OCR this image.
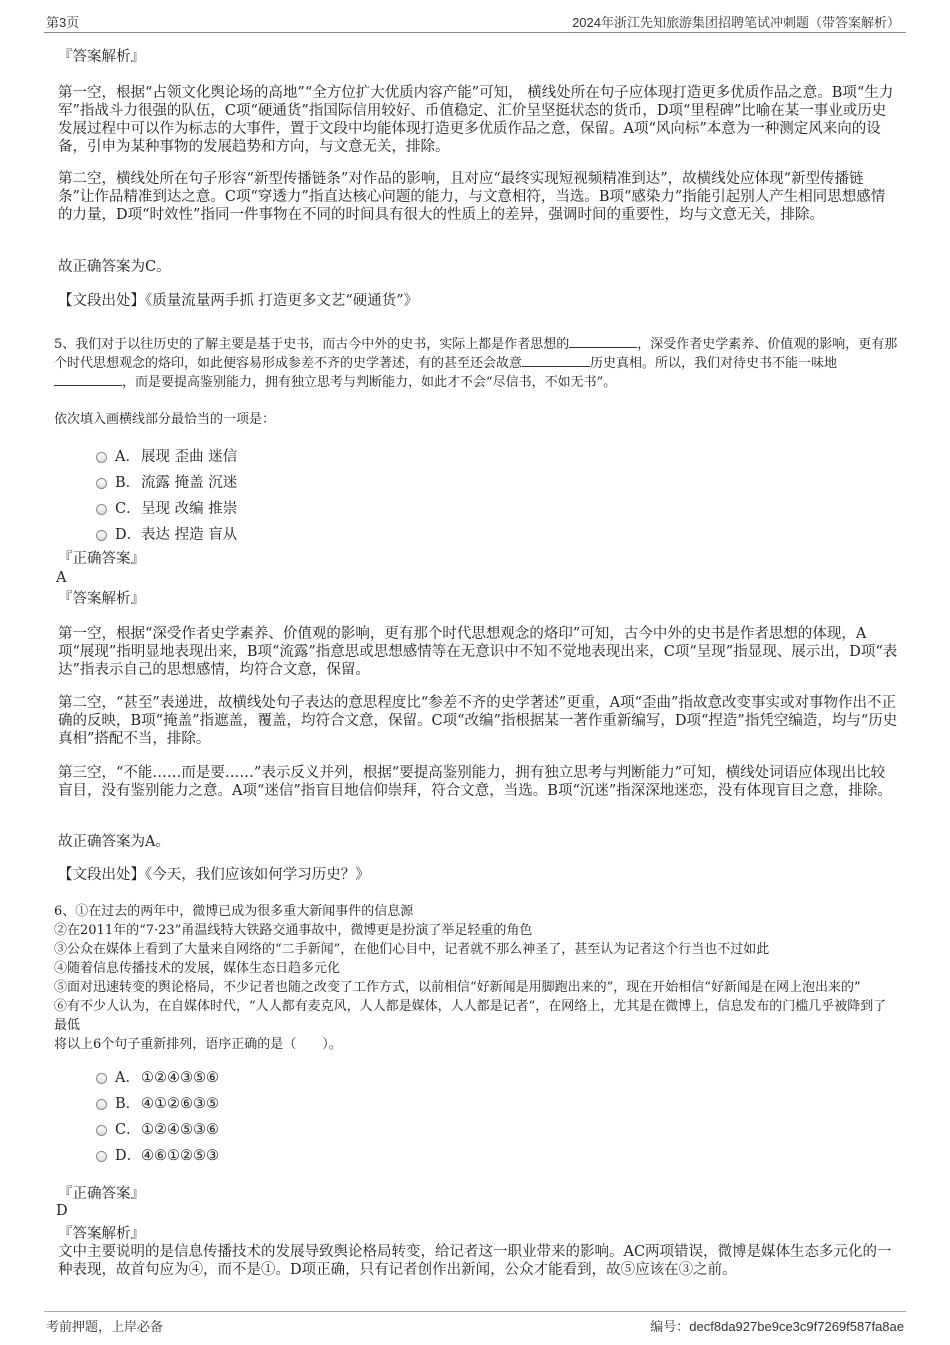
第3页	2024年浙江先知旅游集团招聘笔试冲刺题（带答案解析）

『答案解析』

第一空，根据“占领文化舆论场的高地”“全方位扩大优质内容产能”可知， 横线处所在句子应体现打造更多优质作品之意。B项“生力军”指战斗力很强的队伍，C项“硬通货”指国际信用较好、币值稳定、汇价呈坚挺状态的货币，D项“里程碑”比喻在某一事业或历史发展过程中可以作为标志的大事件，置于文段中均能体现打造更多优质作品之意，保留。A项“风向标”本意为一种测定风来向的设备，引申为某种事物的发展趋势和方向，与文意无关，排除。

第二空，横线处所在句子形容“新型传播链条”对作品的影响，且对应“最终实现短视频精准到达”，故横线处应体现“新型传播链条”让作品精准到达之意。C项“穿透力”指直达核心问题的能力，与文意相符，当选。B项“感染力”指能引起别人产生相同思想感情的力量，D项“时效性”指同一件事物在不同的时间具有很大的性质上的差异，强调时间的重要性，均与文意无关，排除。

故正确答案为C。

【文段出处】《质量流量两手抓 打造更多文艺“硬通货”》

5、我们对于以往历史的了解主要是基于史书，而古今中外的史书，实际上都是作者思想的	，深受作者史学素养、价值观的影响，更有那个时代思想观念的烙印，如此便容易形成参差不齐的史学著述，有的甚至还会故意	历史真相。所以，我们对待史书不能一味地，而是要提高鉴别能力，拥有独立思考与判断能力，如此才不会“尽信书，不如无书”。

依次填入画横线部分最恰当的一项是：

A．展现 歪曲 迷信
B．流露 掩盖 沉迷
C．呈现 改编 推崇
D．表达 捏造 盲从

『正确答案』

A

『答案解析』

第一空，根据“深受作者史学素养、价值观的影响，更有那个时代思想观念的烙印”可知，古今中外的史书是作者思想的体现，A项“展现”指明显地表现出来，B项“流露”指意思或思想感情等在无意识中不知不觉地表现出来，C项“呈现”指显现、展示出，D项“表达”指表示自己的思想感情，均符合文意，保留。

第二空，“甚至”表递进，故横线处句子表达的意思程度比“参差不齐的史学著述”更重，A项“歪曲”指故意改变事实或对事物作出不正确的反映，B项“掩盖”指遮盖，覆盖，均符合文意，保留。C项“改编”指根据某一著作重新编写，D项“捏造”指凭空编造，均与“历史真相”搭配不当，排除。

第三空，“不能……而是要……”表示反义并列，根据“要提高鉴别能力，拥有独立思考与判断能力”可知，横线处词语应体现出比较盲目，没有鉴别能力之意。A项“迷信”指盲目地信仰崇拜，符合文意，当选。B项“沉迷”指深深地迷恋，没有体现盲目之意，排除。

故正确答案为A。

【文段出处】《今天，我们应该如何学习历史？》

6、①在过去的两年中，微博已成为很多重大新闻事件的信息源

②在2011年的“7·23”甬温线特大铁路交通事故中，微博更是扮演了举足轻重的角色

③公众在媒体上看到了大量来自网络的“二手新闻”，在他们心目中，记者就不那么神圣了，甚至认为记者这个行当也不过如此

④随着信息传播技术的发展，媒体生态日趋多元化

⑤面对迅速转变的舆论格局，不少记者也随之改变了工作方式，以前相信“好新闻是用脚跑出来的”，现在开始相信“好新闻是在网上泡出来的”

⑥有不少人认为，在自媒体时代，“人人都有麦克风，人人都是媒体，人人都是记者”，在网络上，尤其是在微博上，信息发布的门槛几乎被降到了最低

将以上6个句子重新排列，语序正确的是（　　）。

A．①②④③⑤⑥
B．④①②⑥③⑤
C．①②④⑤③⑥
D．④⑥①②⑤③

『正确答案』

D

『答案解析』

文中主要说明的是信息传播技术的发展导致舆论格局转变，给记者这一职业带来的影响。AC两项错误，微博是媒体生态多元化的一种表现，故首句应为④，而不是①。D项正确，只有记者创作出新闻，公众才能看到，故⑤应该在③之前。

考前押题，上岸必备	编号：decf8da927be9ce3c9f7269f587fa8ae
